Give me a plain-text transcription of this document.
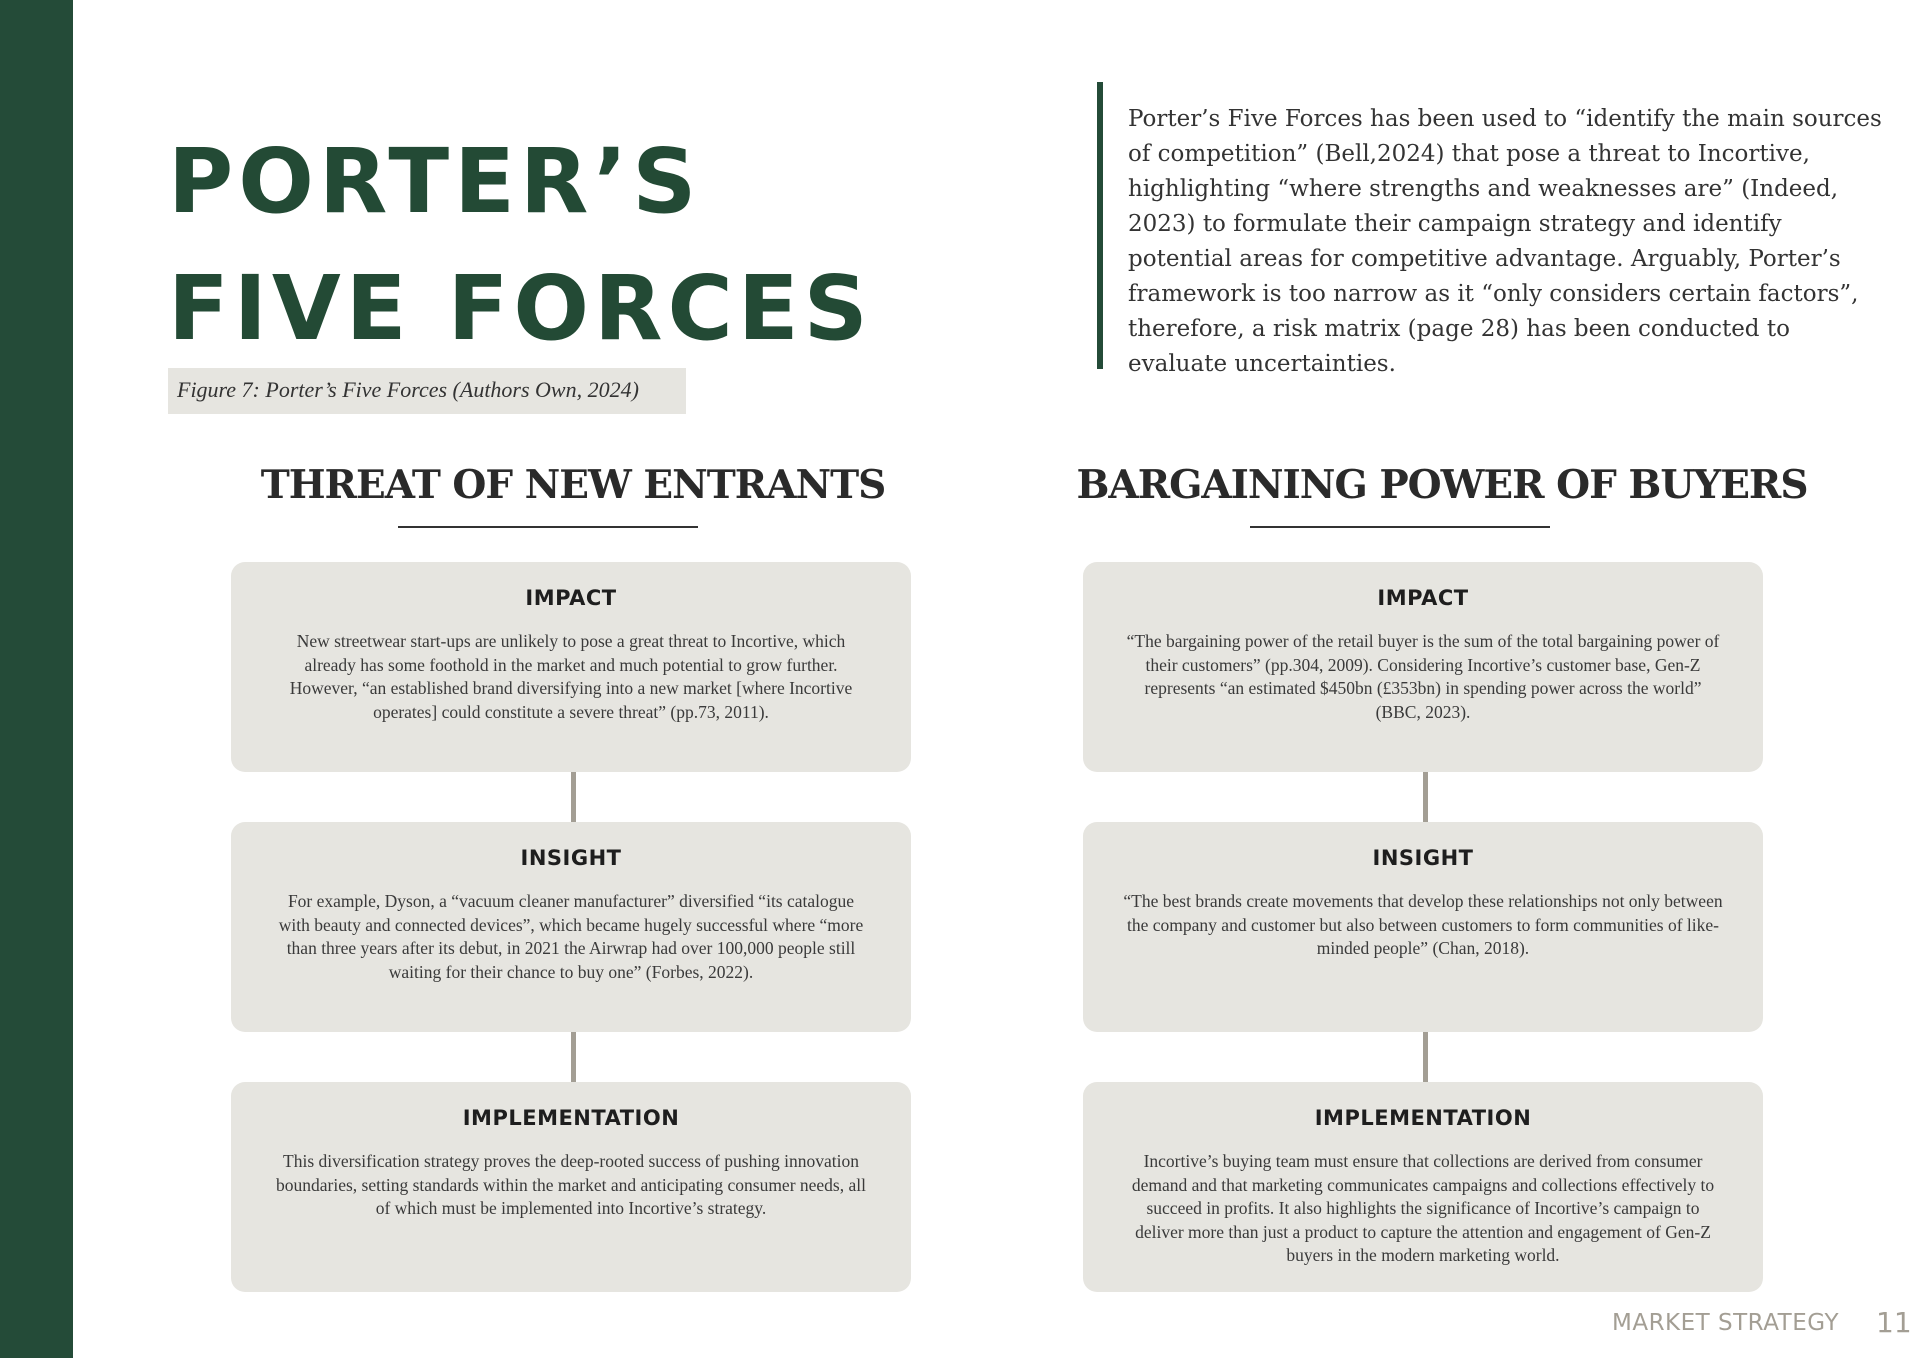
PORTER’S FIVE FORCES

Porter’s Five Forces has been used to “identify the main sources of competition” (Bell,2024) that pose a threat to Incortive, highlighting “where strengths and weaknesses are” (Indeed, 2023) to formulate their campaign strategy and identify potential areas for competitive advantage. Arguably, Porter’s framework is too narrow as it “only considers certain factors”, therefore, a risk matrix (page 28) has been conducted to evaluate uncertainties.

Figure 7: Porter’s Five Forces (Authors Own, 2024)
THREAT OF NEW ENTRANTS

IMPACT

New streetwear start-ups are unlikely to pose a great threat to Incortive, which already has some foothold in the market and much potential to grow further. However, “an established brand diversifying into a new market [where Incortive operates] could constitute a severe threat” (pp.73, 2011).

INSIGHT

For example, Dyson, a “vacuum cleaner manufacturer” diversified “its catalogue with beauty and connected devices”, which became hugely successful where “more than three years after its debut, in 2021 the Airwrap had over 100,000 people still waiting for their chance to buy one” (Forbes, 2022).

IMPLEMENTATION

This diversification strategy proves the deep-rooted success of pushing innovation boundaries, setting standards within the market and anticipating consumer needs, all of which must be implemented into Incortive’s strategy.

BARGAINING POWER OF BUYERS

IMPACT

“The bargaining power of the retail buyer is the sum of the total bargaining power of their customers” (pp.304, 2009). Considering Incortive’s customer base, Gen-Z represents “an estimated $450bn (£353bn) in spending power across the world” (BBC, 2023).

INSIGHT

“The best brands create movements that develop these relationships not only between the company and customer but also between customers to form communities of like-minded people” (Chan, 2018).

IMPLEMENTATION

Incortive’s buying team must ensure that collections are derived from consumer demand and that marketing communicates campaigns and collections effectively to succeed in profits. It also highlights the significance of Incortive’s campaign to deliver more than just a product to capture the attention and engagement of Gen-Z buyers in the modern marketing world.

MARKET STRATEGY 11
